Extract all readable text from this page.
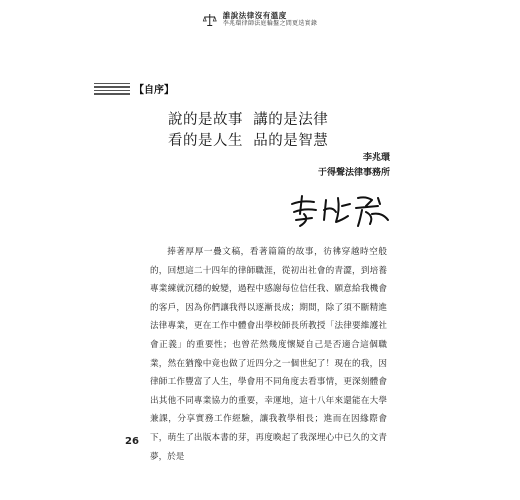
誰說法律沒有溫度
李兆環律師法庭輪盤之間更迭實錄
【自序】
說的是故事  講的是法律
看的是人生  品的是智慧
李兆環
于得聲法律事務所

捧著厚厚一疊文稿，看著篇篇的故事，彷彿穿越時空般的，回想這二十四年的律師職涯，從初出社會的青澀，到培養專業練就沉穩的蛻變，過程中感謝每位信任我、願意給我機會的客戶，因為你們讓我得以逐漸長成；期間，除了須不斷精進法律專業，更在工作中體會出學校師長所教授「法律要維護社會正義」的重要性；也曾茫然幾度懷疑自己是否適合這個職業，然在猶豫中竟也做了近四分之一個世紀了！現在的我，因律師工作豐富了人生，學會用不同角度去看事情，更深刻體會出其他不同專業協力的重要，幸運地，這十八年來還能在大學兼課，分享實務工作經驗，讓我教學相長；進而在因緣際會下，萌生了出版本書的芽，再度喚起了我深埋心中已久的文青夢，於是

26
